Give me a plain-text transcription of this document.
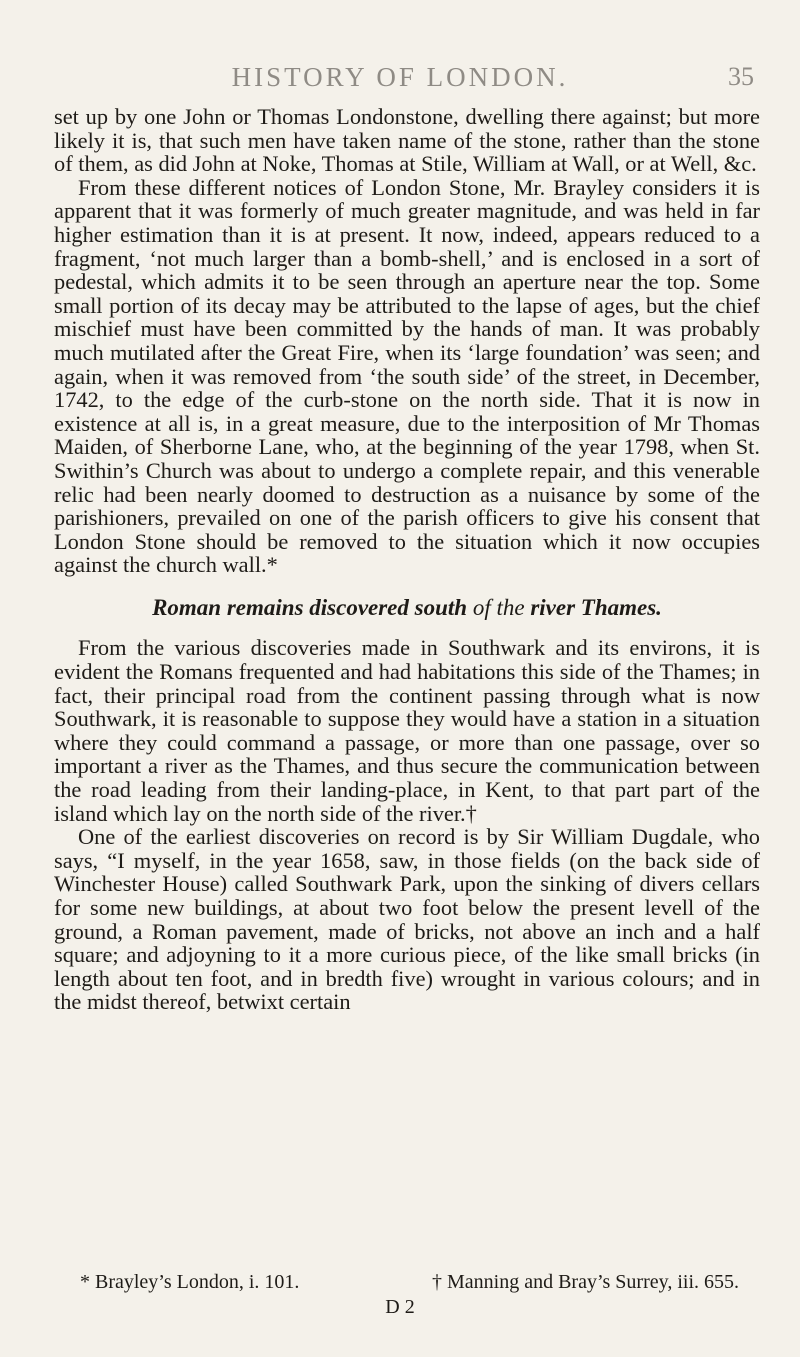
HISTORY OF LONDON.	35

set up by one John or Thomas Londonstone, dwelling there against; but more likely it is, that such men have taken name of the stone, rather than the stone of them, as did John at Noke, Thomas at Stile, William at Wall, or at Well, &c.

From these different notices of London Stone, Mr. Brayley considers it is apparent that it was formerly of much greater magnitude, and was held in far higher estimation than it is at present. It now, indeed, appears reduced to a fragment, ‘not much larger than a bomb-shell,’ and is enclosed in a sort of pedestal, which admits it to be seen through an aperture near the top. Some small portion of its decay may be attributed to the lapse of ages, but the chief mischief must have been committed by the hands of man. It was probably much mutilated after the Great Fire, when its ‘large foundation’ was seen; and again, when it was removed from ‘the south side’ of the street, in December, 1742, to the edge of the curb-stone on the north side. That it is now in existence at all is, in a great measure, due to the interposition of Mr Thomas Maiden, of Sherborne Lane, who, at the beginning of the year 1798, when St. Swithin’s Church was about to undergo a complete repair, and this venerable relic had been nearly doomed to destruction as a nuisance by some of the parishioners, prevailed on one of the parish officers to give his consent that London Stone should be removed to the situation which it now occupies against the church wall.*

Roman remains discovered south of the river Thames.

From the various discoveries made in Southwark and its environs, it is evident the Romans frequented and had habitations this side of the Thames; in fact, their principal road from the continent passing through what is now Southwark, it is reasonable to suppose they would have a station in a situation where they could command a passage, or more than one passage, over so important a river as the Thames, and thus secure the communication between the road leading from their landing-place, in Kent, to that part part of the island which lay on the north side of the river.†

One of the earliest discoveries on record is by Sir William Dugdale, who says, “I myself, in the year 1658, saw, in those fields (on the back side of Winchester House) called Southwark Park, upon the sinking of divers cellars for some new buildings, at about two foot below the present levell of the ground, a Roman pavement, made of bricks, not above an inch and a half square; and adjoyning to it a more curious piece, of the like small bricks (in length about ten foot, and in bredth five) wrought in various colours; and in the midst thereof, betwixt certain

* Brayley’s London, i. 101.	† Manning and Bray’s Surrey, iii. 655.
D 2
